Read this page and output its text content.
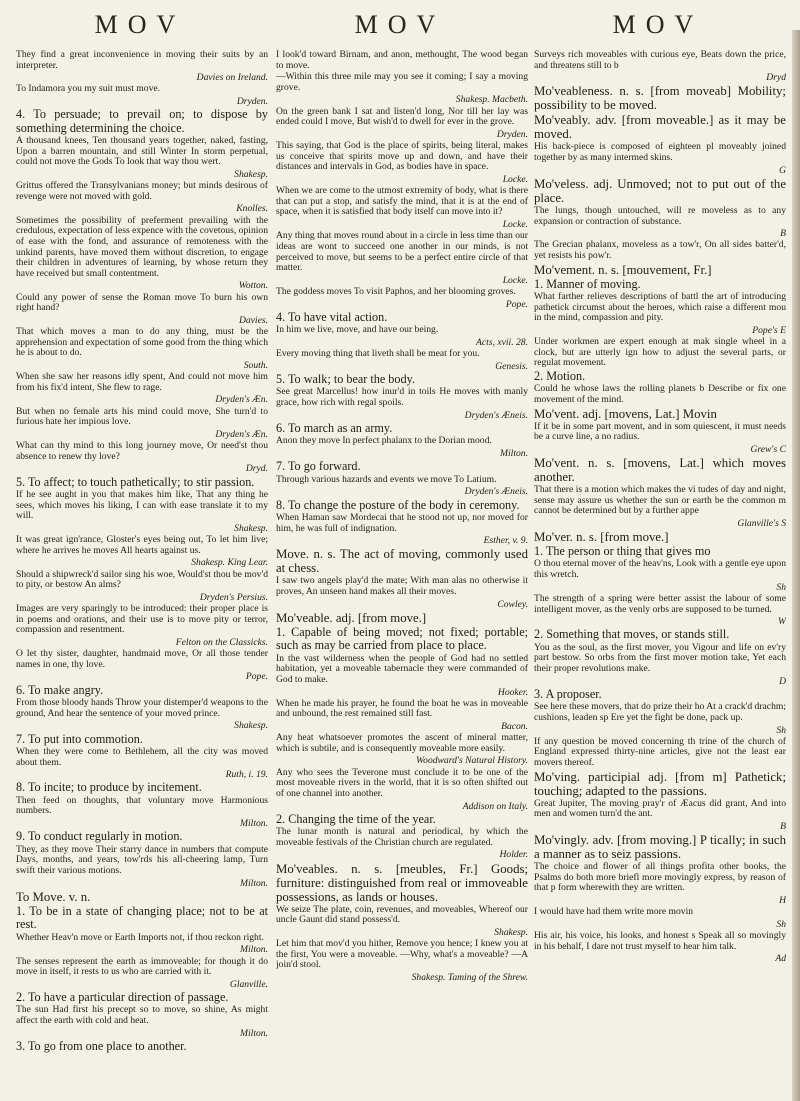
MOV	MOV	MOV

They find a great inconvenience in moving their suits by an interpreter.

Davies on Ireland.

To Indamora you my suit must move.

Dryden.

4. To persuade; to prevail on; to dispose by something determining the choice.

A thousand knees, Ten thousand years together, naked, fasting, Upon a barren mountain, and still Winter In storm perpetual, could not move the Gods To look that way thou wert.

Shakesp.

Grittus offered the Transylvanians money; but minds desirous of revenge were not moved with gold.

Knolles.

Sometimes the possibility of preferment prevailing with the credulous, expectation of less expence with the covetous, opinion of ease with the fond, and assurance of remoteness with the unkind parents, have moved them without discretion, to engage their children in adventures of learning, by whose return they have received but small contentment.

Wotton.

Could any power of sense the Roman move To burn his own right hand?

Davies.

That which moves a man to do any thing, must be the apprehension and expectation of some good from the thing which he is about to do.

South.

When she saw her reasons idly spent, And could not move him from his fix'd intent, She flew to rage.

Dryden's Æn.

But when no female arts his mind could move, She turn'd to furious hate her impious love.

Dryden's Æn.

What can thy mind to this long journey move, Or need'st thou absence to renew thy love?

Dryd.

5. To affect; to touch pathetically; to stir passion.

If he see aught in you that makes him like, That any thing he sees, which moves his liking, I can with ease translate it to my will.

Shakesp.

It was great ign'rance, Gloster's eyes being out, To let him live; where he arrives he moves All hearts against us.

Shakesp. King Lear.

Should a shipwreck'd sailor sing his woe, Would'st thou be mov'd to pity, or bestow An alms?

Dryden's Persius.

Images are very sparingly to be introduced: their proper place is in poems and orations, and their use is to move pity or terror, compassion and resentment.

Felton on the Classicks.

O let thy sister, daughter, handmaid move, Or all those tender names in one, thy love.

Pope.

6. To make angry.

From those bloody hands Throw your distemper'd weapons to the ground, And hear the sentence of your moved prince.

Shakesp.

7. To put into commotion.

When they were come to Bethlehem, all the city was moved about them.

Ruth, i. 19.

8. To incite; to produce by incitement.

Then feed on thoughts, that voluntary move Harmonious numbers.

Milton.

9. To conduct regularly in motion.

They, as they move Their starry dance in numbers that compute Days, months, and years, tow'rds his all-cheering lamp, Turn swift their various motions.

Milton.

To Move. v. n.

1. To be in a state of changing place; not to be at rest.

Whether Heav'n move or Earth Imports not, if thou reckon right.

Milton.

The senses represent the earth as immoveable; for though it do move in itself, it rests to us who are carried with it.

Glanville.

2. To have a particular direction of passage.

The sun Had first his precept so to move, so shine, As might affect the earth with cold and heat.

Milton.

3. To go from one place to another.

I look'd toward Birnam, and anon, methought, The wood began to move.

—Within this three mile may you see it coming; I say a moving grove.

Shakesp. Macbeth.

On the green bank I sat and listen'd long, Nor till her lay was ended could I move, But wish'd to dwell for ever in the grove.

Dryden.

This saying, that God is the place of spirits, being literal, makes us conceive that spirits move up and down, and have their distances and intervals in God, as bodies have in space.

Locke.

When we are come to the utmost extremity of body, what is there that can put a stop, and satisfy the mind, that it is at the end of space, when it is satisfied that body itself can move into it?

Locke.

Any thing that moves round about in a circle in less time than our ideas are wont to succeed one another in our minds, is not perceived to move, but seems to be a perfect entire circle of that matter.

Locke.

The goddess moves To visit Paphos, and her blooming groves.

Pope.

4. To have vital action.

In him we live, move, and have our being.

Acts, xvii. 28.

Every moving thing that liveth shall be meat for you.

Genesis.

5. To walk; to bear the body.

See great Marcellus! how inur'd in toils He moves with manly grace, how rich with regal spoils.

Dryden's Æneis.

6. To march as an army.

Anon they move In perfect phalanx to the Dorian mood.

Milton.

7. To go forward.

Through various hazards and events we move To Latium.

Dryden's Æneis.

8. To change the posture of the body in ceremony.

When Haman saw Mordecai that he stood not up, nor moved for him, he was full of indignation.

Esther, v. 9.

Move. n. s. The act of moving, commonly used at chess.

I saw two angels play'd the mate; With man alas no otherwise it proves, An unseen hand makes all their moves.

Cowley.

Mo'veable. adj. [from move.]

1. Capable of being moved; not fixed; portable; such as may be carried from place to place.

In the vast wilderness when the people of God had no settled habitation, yet a moveable tabernacle they were commanded of God to make.

Hooker.

When he made his prayer, he found the boat he was in moveable and unbound, the rest remained still fast.

Bacon.

Any heat whatsoever promotes the ascent of mineral matter, which is subtile, and is consequently moveable more easily.

Woodward's Natural History.

Any who sees the Teverone must conclude it to be one of the most moveable rivers in the world, that it is so often shifted out of one channel into another.

Addison on Italy.

2. Changing the time of the year.

The lunar month is natural and periodical, by which the moveable festivals of the Christian church are regulated.

Holder.

Mo'veables. n. s. [meubles, Fr.] Goods; furniture: distinguished from real or immoveable possessions, as lands or houses.

We seize The plate, coin, revenues, and moveables, Whereof our uncle Gaunt did stand possess'd.

Shakesp.

Let him that mov'd you hither, Remove you hence; I knew you at the first, You were a moveable. —Why, what's a moveable? —A join'd stool.

Shakesp. Taming of the Shrew.

Surveys rich moveables with curious eye, Beats down the price, and threatens still to b

Dryd

Mo'veableness. n. s. [from moveab] Mobility; possibility to be moved.

Mo'veably. adv. [from moveable.] as it may be moved.

His back-piece is composed of eighteen pl moveably joined together by as many intermed skins.

G

Mo'veless. adj. Unmoved; not to put out of the place.

The lungs, though untouched, will re moveless as to any expansion or contraction of substance.

B

The Grecian phalanx, moveless as a tow'r, On all sides batter'd, yet resists his pow'r.

Mo'vement. n. s. [mouvement, Fr.]

1. Manner of moving.

What farther relieves descriptions of battl the art of introducing pathetick circumst about the heroes, which raise a different mou in the mind, compassion and pity.

Pope's E

Under workmen are expert enough at mak single wheel in a clock, but are utterly ign how to adjust the several parts, or regulat movement.

2. Motion.

Could he whose laws the rolling planets b Describe or fix one movement of the mind.

Mo'vent. adj. [movens, Lat.] Movin

If it be in some part movent, and in som quiescent, it must needs be a curve line, a no radius.

Grew's C

Mo'vent. n. s. [movens, Lat.] which moves another.

That there is a motion which makes the vi tudes of day and night, sense may assure us whether the sun or earth be the common m cannot be determined but by a further appe

Glanville's S

Mo'ver. n. s. [from move.]

1. The person or thing that gives mo

O thou eternal mover of the heav'ns, Look with a gentle eye upon this wretch.

Sh

The strength of a spring were better assist the labour of some intelligent mover, as the venly orbs are supposed to be turned.

W

2. Something that moves, or stands still.

You as the soul, as the first mover, you Vigour and life on ev'ry part bestow. So orbs from the first mover motion take, Yet each their proper revolutions make.

D

3. A proposer.

See here these movers, that do prize their ho At a crack'd drachm; cushions, leaden sp Ere yet the fight be done, pack up.

Sh

If any question be moved concerning th trine of the church of England expressed thirty-nine articles, give not the least ear movers thereof.

Mo'ving. participial adj. [from m] Pathetick; touching; adapted to the passions.

Great Jupiter, The moving pray'r of Æacus did grant, And into men and women turn'd the ant.

B

Mo'vingly. adv. [from moving.] P tically; in such a manner as to seiz passions.

The choice and flower of all things profita other books, the Psalms do both more briefl more movingly express, by reason of that p form wherewith they are written.

H

I would have had them write more movin

Sh

His air, his voice, his looks, and honest s Speak all so movingly in his behalf, I dare not trust myself to hear him talk.

Ad
